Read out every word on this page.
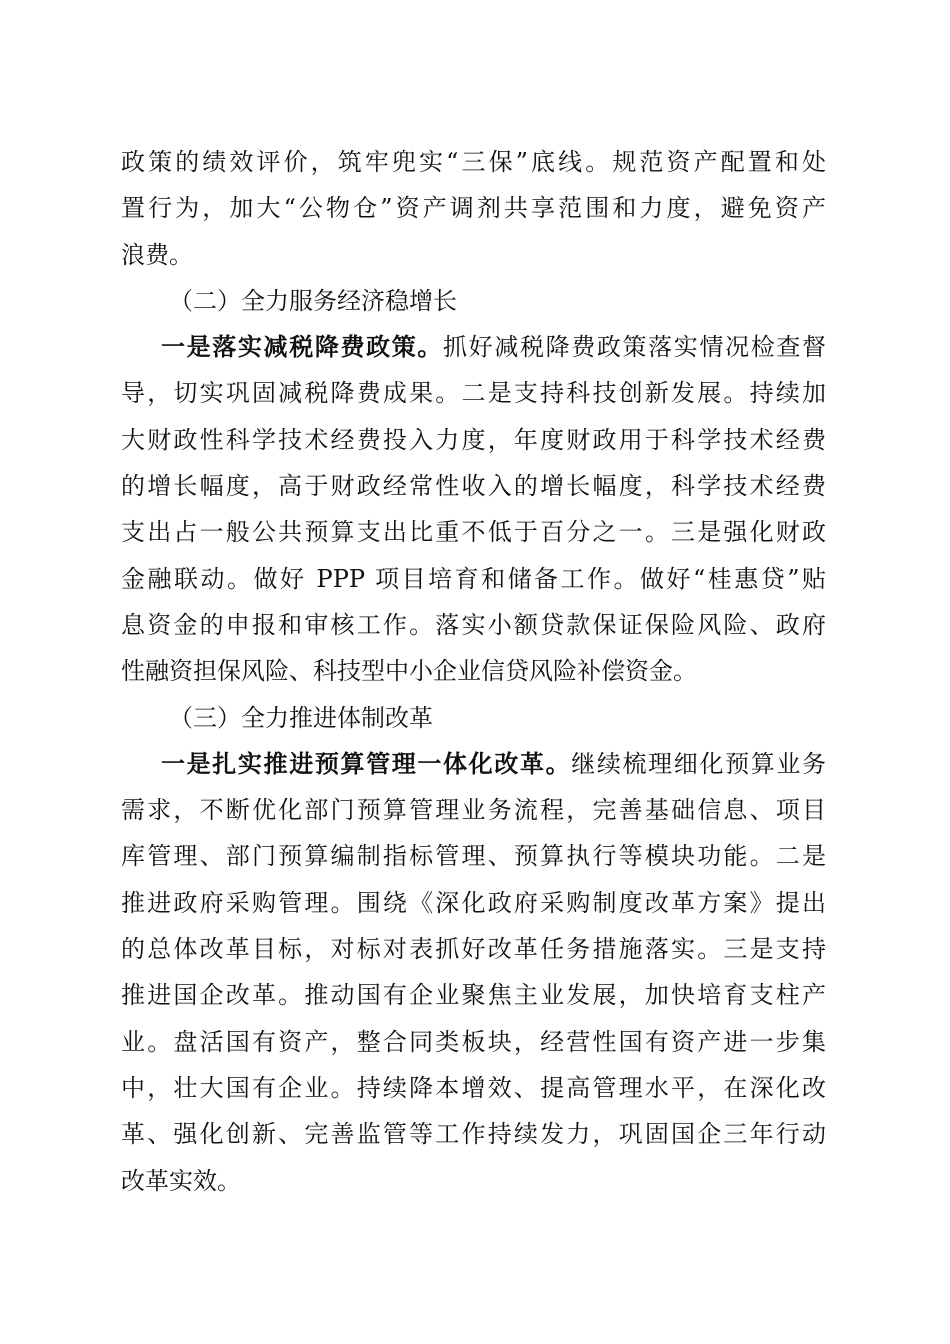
政策的绩效评价，筑牢兜实“三保”底线。规范资产配置和处
置行为，加大“公物仓”资产调剂共享范围和力度，避免资产
浪费。
（二）全力服务经济稳增长
一是落实减税降费政策。抓好减税降费政策落实情况检查督
导，切实巩固减税降费成果。二是支持科技创新发展。持续加
大财政性科学技术经费投入力度，年度财政用于科学技术经费
的增长幅度，高于财政经常性收入的增长幅度，科学技术经费
支出占一般公共预算支出比重不低于百分之一。三是强化财政
金融联动。做好 PPP 项目培育和储备工作。做好“桂惠贷”贴
息资金的申报和审核工作。落实小额贷款保证保险风险、政府
性融资担保风险、科技型中小企业信贷风险补偿资金。
（三）全力推进体制改革
一是扎实推进预算管理一体化改革。继续梳理细化预算业务
需求，不断优化部门预算管理业务流程，完善基础信息、项目
库管理、部门预算编制指标管理、预算执行等模块功能。二是
推进政府采购管理。围绕《深化政府采购制度改革方案》提出
的总体改革目标，对标对表抓好改革任务措施落实。三是支持
推进国企改革。推动国有企业聚焦主业发展，加快培育支柱产
业。盘活国有资产，整合同类板块，经营性国有资产进一步集
中，壮大国有企业。持续降本增效、提高管理水平，在深化改
革、强化创新、完善监管等工作持续发力，巩固国企三年行动
改革实效。
